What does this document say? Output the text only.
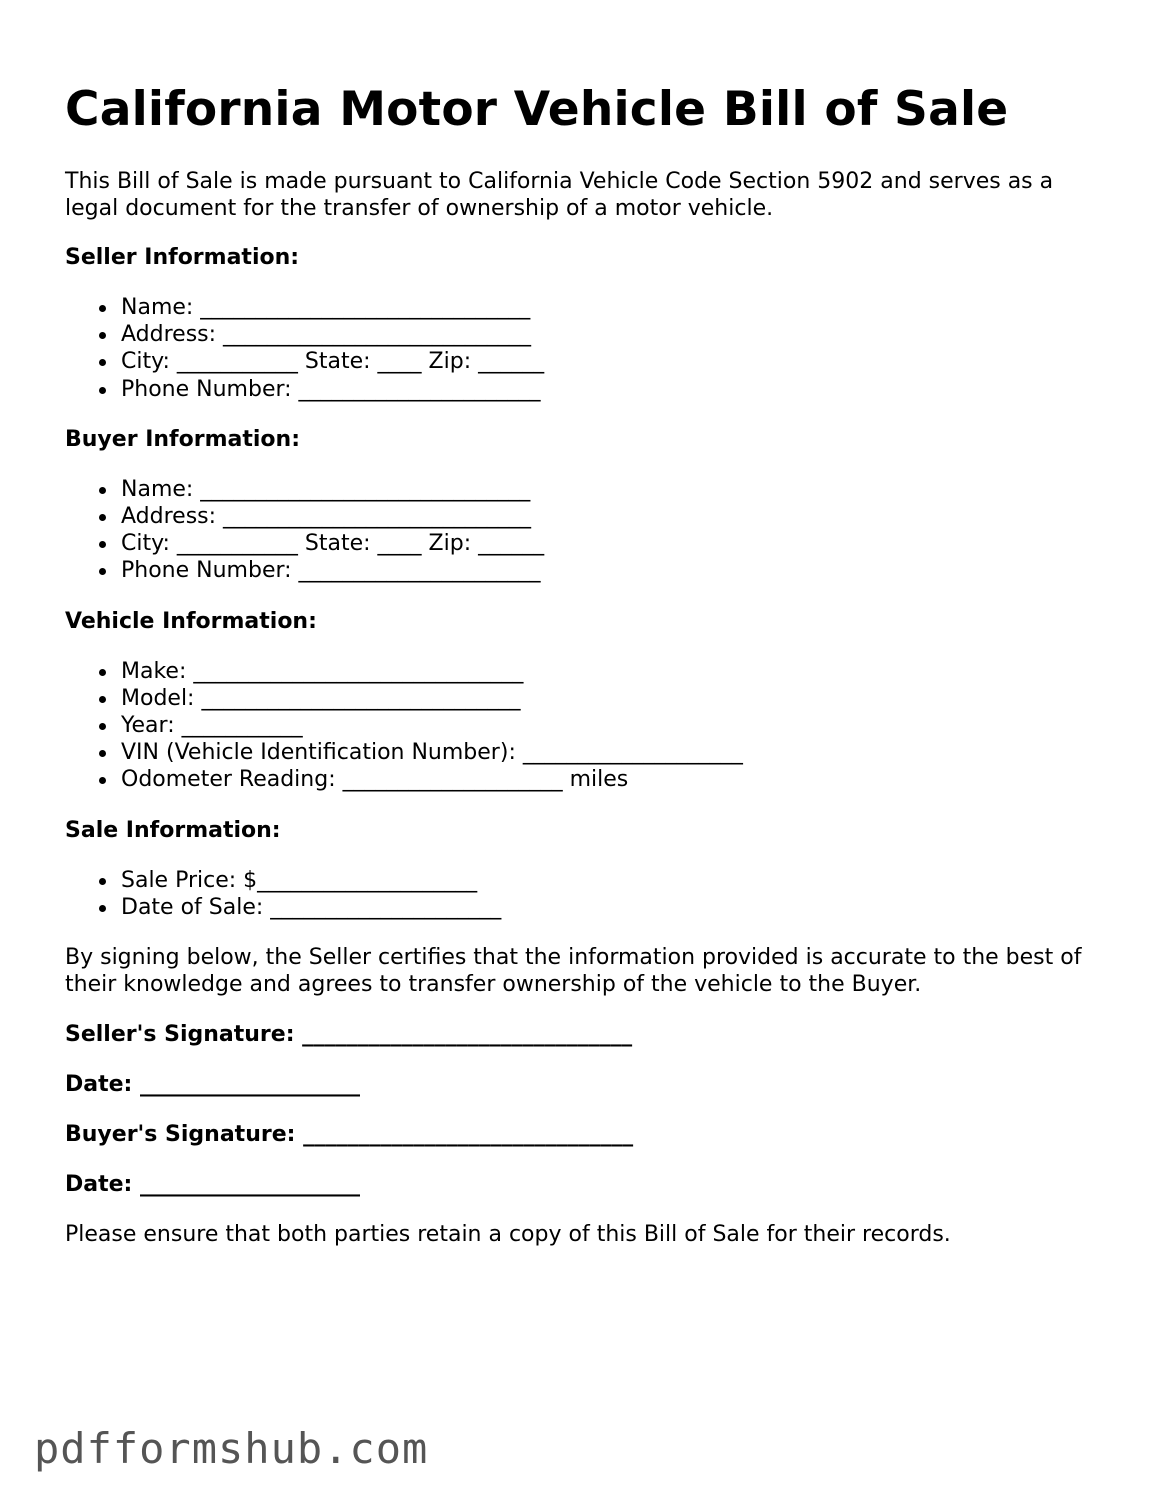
California Motor Vehicle Bill of Sale

This Bill of Sale is made pursuant to California Vehicle Code Section 5902 and serves as a legal document for the transfer of ownership of a motor vehicle.

Seller Information:
Name: ______________________________
Address: ____________________________
City: ___________ State: ____ Zip: ______
Phone Number: ______________________
Buyer Information:
Name: ______________________________
Address: ____________________________
City: ___________ State: ____ Zip: ______
Phone Number: ______________________
Vehicle Information:
Make: ______________________________
Model: _____________________________
Year: ___________
VIN (Vehicle Identification Number): ____________________
Odometer Reading: ____________________ miles
Sale Information:
Sale Price: $____________________
Date of Sale: _____________________

By signing below, the Seller certifies that the information provided is accurate to the best of their knowledge and agrees to transfer ownership of the vehicle to the Buyer.

Seller's Signature: ______________________________

Date: ____________________

Buyer's Signature: ______________________________

Date: ____________________

Please ensure that both parties retain a copy of this Bill of Sale for their records.

pdfformshub.com
